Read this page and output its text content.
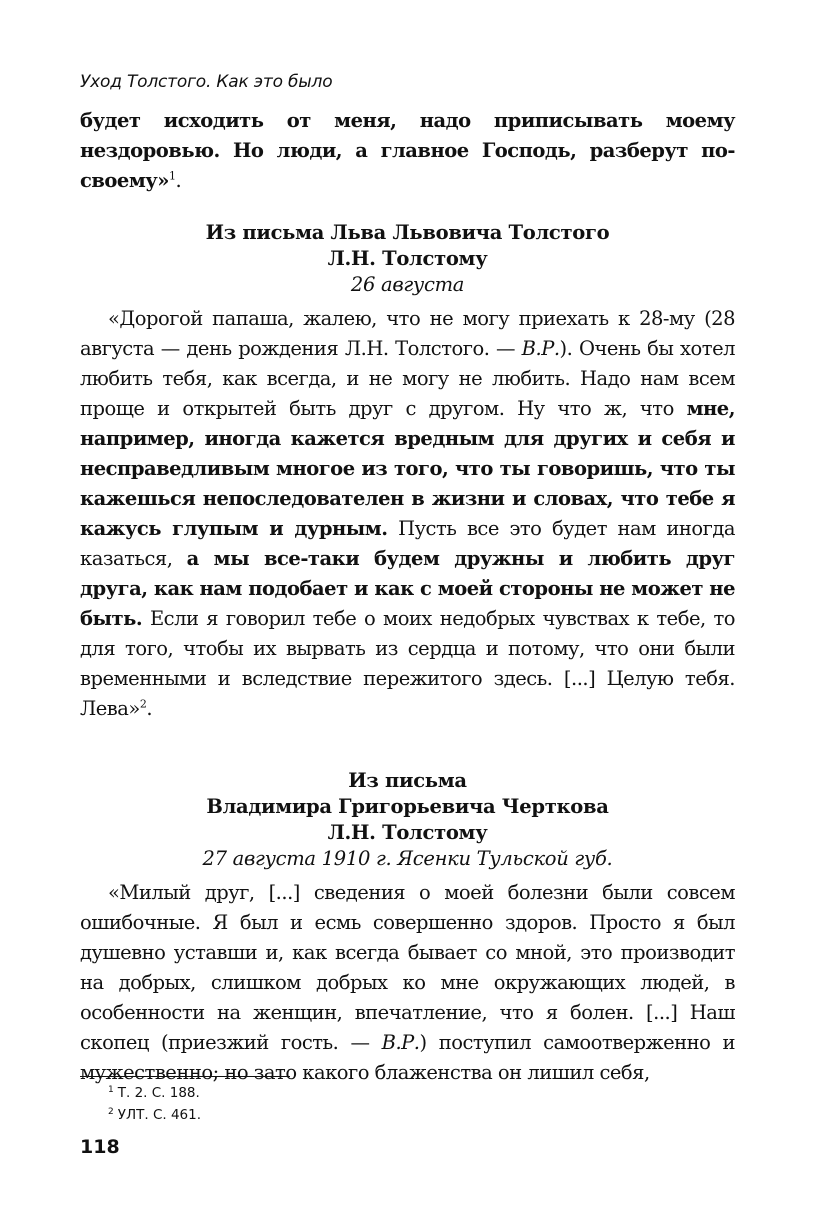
Уход Толстого. Как это было

будет исходить от меня, надо приписывать моему нездоровью. Но люди, а главное Господь, разберут по-своему»$^1$.

Из письма Льва Львовича Толстого

Л.Н. Толстому

26 августа

«Дорогой папаша, жалею, что не могу приехать к 28-му (28 августа — день рождения Л.Н. Толстого. — В.Р.). Очень бы хотел любить тебя, как всегда, и не могу не любить. Надо нам всем проще и открытей быть друг с другом. Ну что ж, что мне, например, иногда кажется вредным для других и себя и несправедливым многое из того, что ты говоришь, что ты кажешься непоследователен в жизни и словах, что тебе я кажусь глупым и дурным. Пусть все это будет нам иногда казаться, а мы все-таки будем дружны и любить друг друга, как нам подобает и как с моей стороны не может не быть. Если я говорил тебе о моих недобрых чувствах к тебе, то для того, чтобы их вырвать из сердца и потому, что они были временными и вследствие пережитого здесь. [...] Целую тебя. Лева»$^2$.

Из письма

Владимира Григорьевича Черткова

Л.Н. Толстому

27 августа 1910 г. Ясенки Тульской губ.

«Милый друг, [...] сведения о моей болезни были совсем ошибочные. Я был и есмь совершенно здоров. Просто я был душевно уставши и, как всегда бывает со мной, это производит на добрых, слишком добрых ко мне окружающих людей, в особенности на женщин, впечатление, что я болен. [...] Наш скопец (приезжий гость. — В.Р.) поступил самоотверженно и мужественно; но зато какого блаженства он лишил себя,

$^1$ Т. 2. С. 188.
$^2$ УЛТ. С. 461.
118
